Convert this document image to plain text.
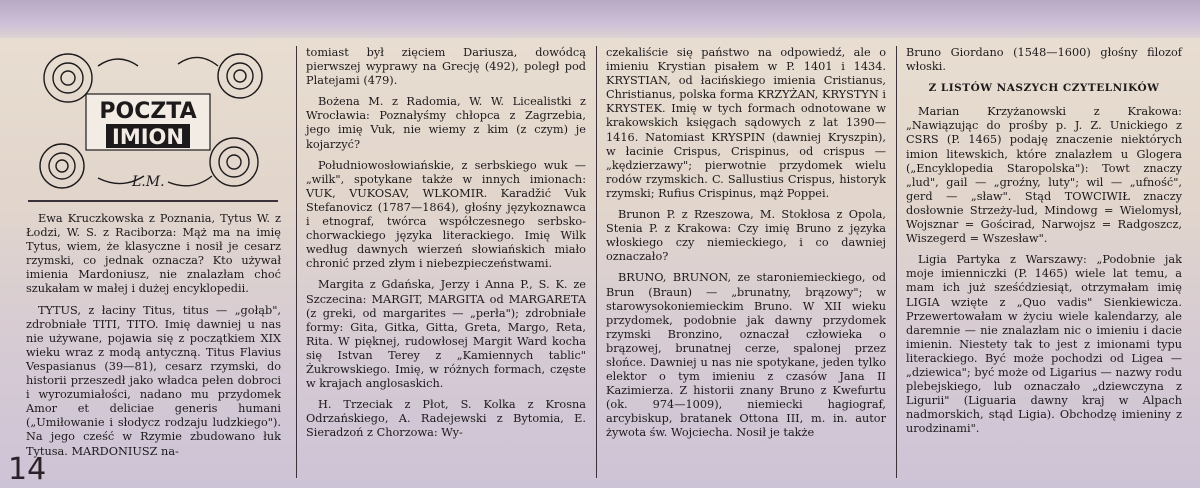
POCZTA
IMION
L.M.

Ewa Kruczkowska z Poznania, Tytus W. z Łodzi, W. S. z Raciborza: Mąż ma na imię Tytus, wiem, że klasyczne i nosił je cesarz rzymski, co jednak oznacza? Kto używał imienia Mardoniusz, nie znalazłam choć szukałam w małej i dużej encyklopedii.

TYTUS, z łaciny Titus, titus — „gołąb", zdrobniałe TITI, TITO. Imię dawniej u nas nie używane, pojawia się z początkiem XIX wieku wraz z modą antyczną. Titus Flavius Vespasianus (39—81), cesarz rzymski, do historii przeszedł jako władca pełen dobroci i wyrozumiałości, nadano mu przydomek Amor et deliciae generis humani („Umiłowanie i słodycz rodzaju ludzkiego"). Na jego cześć w Rzymie zbudowano łuk Tytusa. MARDONIUSZ na-

tomiast był zięciem Dariusza, dowódcą pierwszej wyprawy na Grecję (492), poległ pod Platejami (479).

Bożena M. z Radomia, W. W. Licealistki z Wrocławia: Poznałyśmy chłopca z Zagrzebia, jego imię Vuk, nie wiemy z kim (z czym) je kojarzyć?

Południowosłowiańskie, z serbskiego wuk — „wilk", spotykane także w innych imionach: VUK, VUKOSAV, WLKOMIR. Karadžić Vuk Stefanovicz (1787—1864), głośny językoznawca i etnograf, twórca współczesnego serbsko-chorwackiego języka literackiego. Imię Wilk według dawnych wierzeń słowiańskich miało chronić przed złym i niebezpieczeństwami.

Margita z Gdańska, Jerzy i Anna P., S. K. ze Szczecina: MARGIT, MARGITA od MARGARETA (z greki, od margarites — „perła"); zdrobniałe formy: Gita, Gitka, Gitta, Greta, Margo, Reta, Rita. W pięknej, rudowłosej Margit Ward kocha się Istvan Terey z „Kamiennych tablic" Żukrowskiego. Imię, w różnych formach, częste w krajach anglosaskich.

H. Trzeciak z Płot, S. Kolka z Krosna Odrzańskiego, A. Radejewski z Bytomia, E. Sieradzoń z Chorzowa: Wy-

czekaliście się państwo na odpowiedź, ale o imieniu Krystian pisałem w P. 1401 i 1434. KRYSTIAN, od łacińskiego imienia Cristianus, Christianus, polska forma KRZYŻAN, KRYSTYN i KRYSTEK. Imię w tych formach odnotowane w krakowskich księgach sądowych z lat 1390—1416. Natomiast KRYSPIN (dawniej Kryszpin), w łacinie Crispus, Crispinus, od crispus — „kędzierzawy"; pierwotnie przydomek wielu rodów rzymskich. C. Sallustius Crispus, historyk rzymski; Rufius Crispinus, mąż Poppei.

Brunon P. z Rzeszowa, M. Stokłosa z Opola, Stenia P. z Krakowa: Czy imię Bruno z języka włoskiego czy niemieckiego, i co dawniej oznaczało?

BRUNO, BRUNON, ze staroniemieckiego, od Brun (Braun) — „brunatny, brązowy"; w starowysokoniemieckim Bruno. W XII wieku przydomek, podobnie jak dawny przydomek rzymski Bronzino, oznaczał człowieka o brązowej, brunatnej cerze, spalonej przez słońce. Dawniej u nas nie spotykane, jeden tylko elektor o tym imieniu z czasów Jana II Kazimierza. Z historii znany Bruno z Kwefurtu (ok. 974—1009), niemiecki hagiograf, arcybiskup, bratanek Ottona III, m. in. autor żywota św. Wojciecha. Nosił je także

Bruno Giordano (1548—1600) głośny filozof włoski.

Z LISTÓW NASZYCH CZYTELNIKÓW

Marian Krzyżanowski z Krakowa: „Nawiązując do prośby p. J. Z. Unickiego z CSRS (P. 1465) podaję znaczenie niektórych imion litewskich, które znalazłem u Glogera („Encyklopedia Staropolska"): Towt znaczy „lud", gail — „groźny, luty"; wil — „ufność", gerd — „sław". Stąd TOWCIWIŁ znaczy dosłownie Strzeży-lud, Mindowg = Wielomysł, Wojsznar = Gościrad, Narwojsz = Radgoszcz, Wiszegerd = Wszesław".

Ligia Partyka z Warszawy: „Podobnie jak moje imienniczki (P. 1465) wiele lat temu, a mam ich już sześćdziesiąt, otrzymałam imię LIGIA wzięte z „Quo vadis" Sienkiewicza. Przewertowałam w życiu wiele kalendarzy, ale daremnie — nie znalazłam nic o imieniu i dacie imienin. Niestety tak to jest z imionami typu literackiego. Być może pochodzi od Ligea — „dziewica"; być może od Ligarius — nazwy rodu plebejskiego, lub oznaczało „dziewczyna z Ligurii" (Liguaria dawny kraj w Alpach nadmorskich, stąd Ligia). Obchodzę imieniny z urodzinami".

14
